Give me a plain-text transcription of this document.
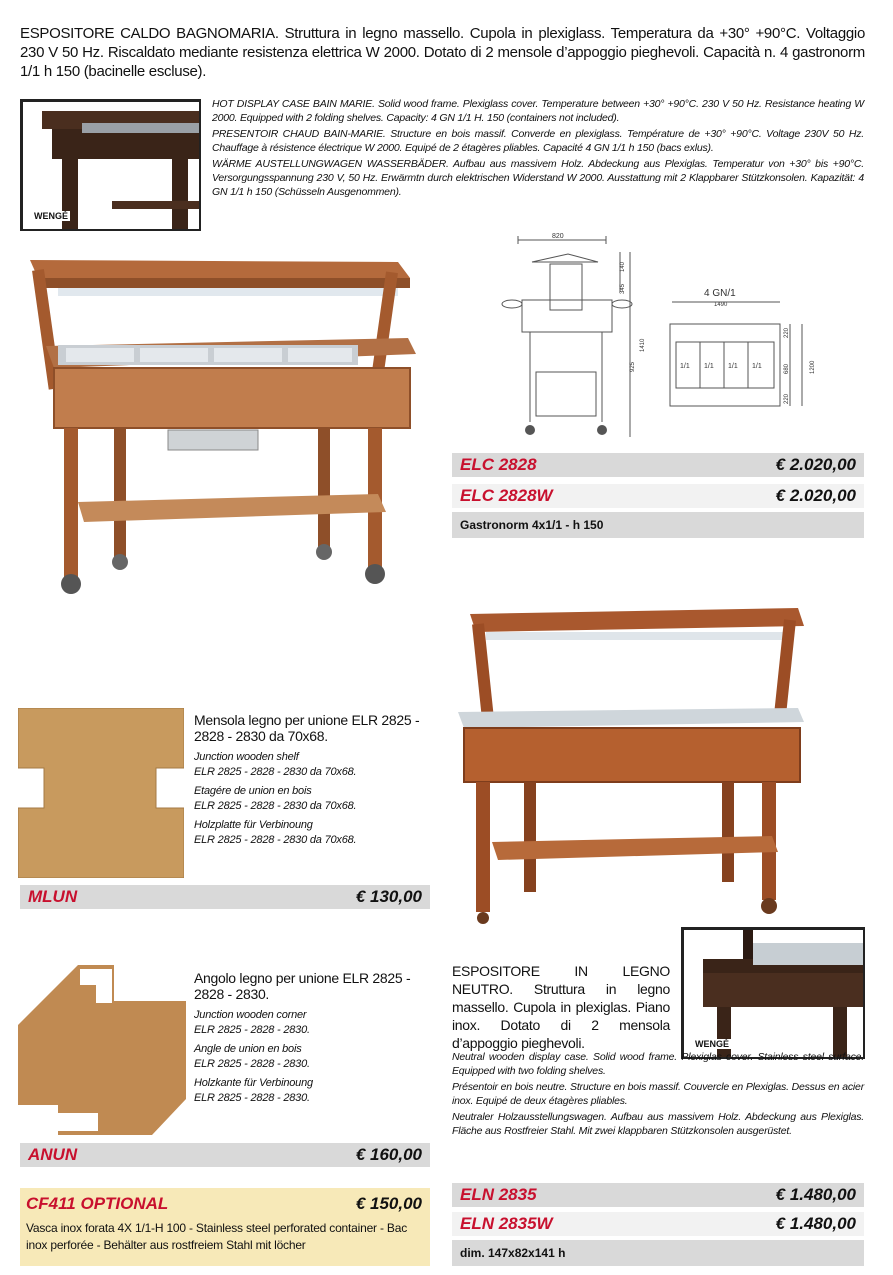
ESPOSITORE CALDO BAGNOMARIA. Struttura in legno massello. Cupola in plexiglass. Temperatura da +30° +90°C. Voltaggio 230 V 50 Hz. Riscaldato mediante resistenza elettrica W 2000. Dotato di 2 mensole d’appoggio pieghevoli. Capacità n. 4 gastronorm 1/1 h 150 (bacinelle escluse).
WENGÉ

HOT DISPLAY CASE BAIN MARIE. Solid wood frame. Plexiglass cover. Temperature between +30° +90°C. 230 V 50 Hz. Resistance heating W 2000. Equipped with 2 folding shelves. Capacity: 4 GN 1/1 H. 150 (containers not included).

PRESENTOIR CHAUD BAIN-MARIE. Structure en bois massif. Converde en plexiglass. Température de +30° +90°C. Voltage 230V 50 Hz. Chauffage à résistence électrique W 2000. Equipé de 2 étagères pliables. Capacité 4 GN 1/1 h 150 (bacs exlus).

WÄRME AUSTELLUNGWAGEN WASSERBÄDER. Aufbau aus massivem Holz. Abdeckung aus Plexiglas. Temperatur von +30° bis +90°C. Versorgungsspannung 230 V, 50 Hz. Erwärmtn durch elektrischen Widerstand W 2000. Ausstattung mit 2 Klappbarer Stützkonsolen. Kapazität: 4 GN 1/1 h 150 (Schüsseln Ausgenommen).

820
140
345
1410
925
4 GN/1
1490
1/1 1/1 1/1 1/1
220
680	1200
220
ELC 2828	€ 2.020,00
ELC 2828W	€ 2.020,00
Gastronorm 4x1/1 - h 150
Mensola legno per unione ELR 2825 - 2828 - 2830 da 70x68.
Junction wooden shelf
ELR 2825 - 2828 - 2830 da 70x68.
Etagére de union en bois
ELR 2825 - 2828 - 2830 da 70x68.
Holzplatte für Verbinoung
ELR 2825 - 2828 - 2830 da 70x68.
MLUN	€ 130,00
Angolo legno per unione ELR 2825 - 2828 - 2830.
Junction wooden corner
ELR 2825 - 2828 - 2830.
Angle de union en bois
ELR 2825 - 2828 - 2830.
Holzkante für Verbinoung
ELR 2825 - 2828 - 2830.
ANUN	€ 160,00
CF411 OPTIONAL	€ 150,00
Vasca inox forata 4X 1/1-H 100 - Stainless steel perforated container - Bac inox perforée - Behälter aus rostfreiem Stahl mit löcher
ESPOSITORE IN LEGNO NEUTRO. Struttura in legno massello. Cupola in plexiglas. Piano inox. Dotato di 2 mensola d’appoggio pieghevoli.	WENGÉ

Neutral wooden display case. Solid wood frame. Plexiglas cover. Stainless steel surface. Equipped with two folding shelves.

Présentoir en bois neutre. Structure en bois massif. Couvercle en Plexiglas. Dessus en acier inox. Equipé de deux étagères pliables.

Neutraler Holzausstellungswagen. Aufbau aus massivem Holz. Abdeckung aus Plexiglas. Fläche aus Rostfreier Stahl. Mit zwei klappbaren Stützkonsolen ausgerüstet.

ELN 2835	€ 1.480,00
ELN 2835W	€ 1.480,00
dim. 147x82x141 h
